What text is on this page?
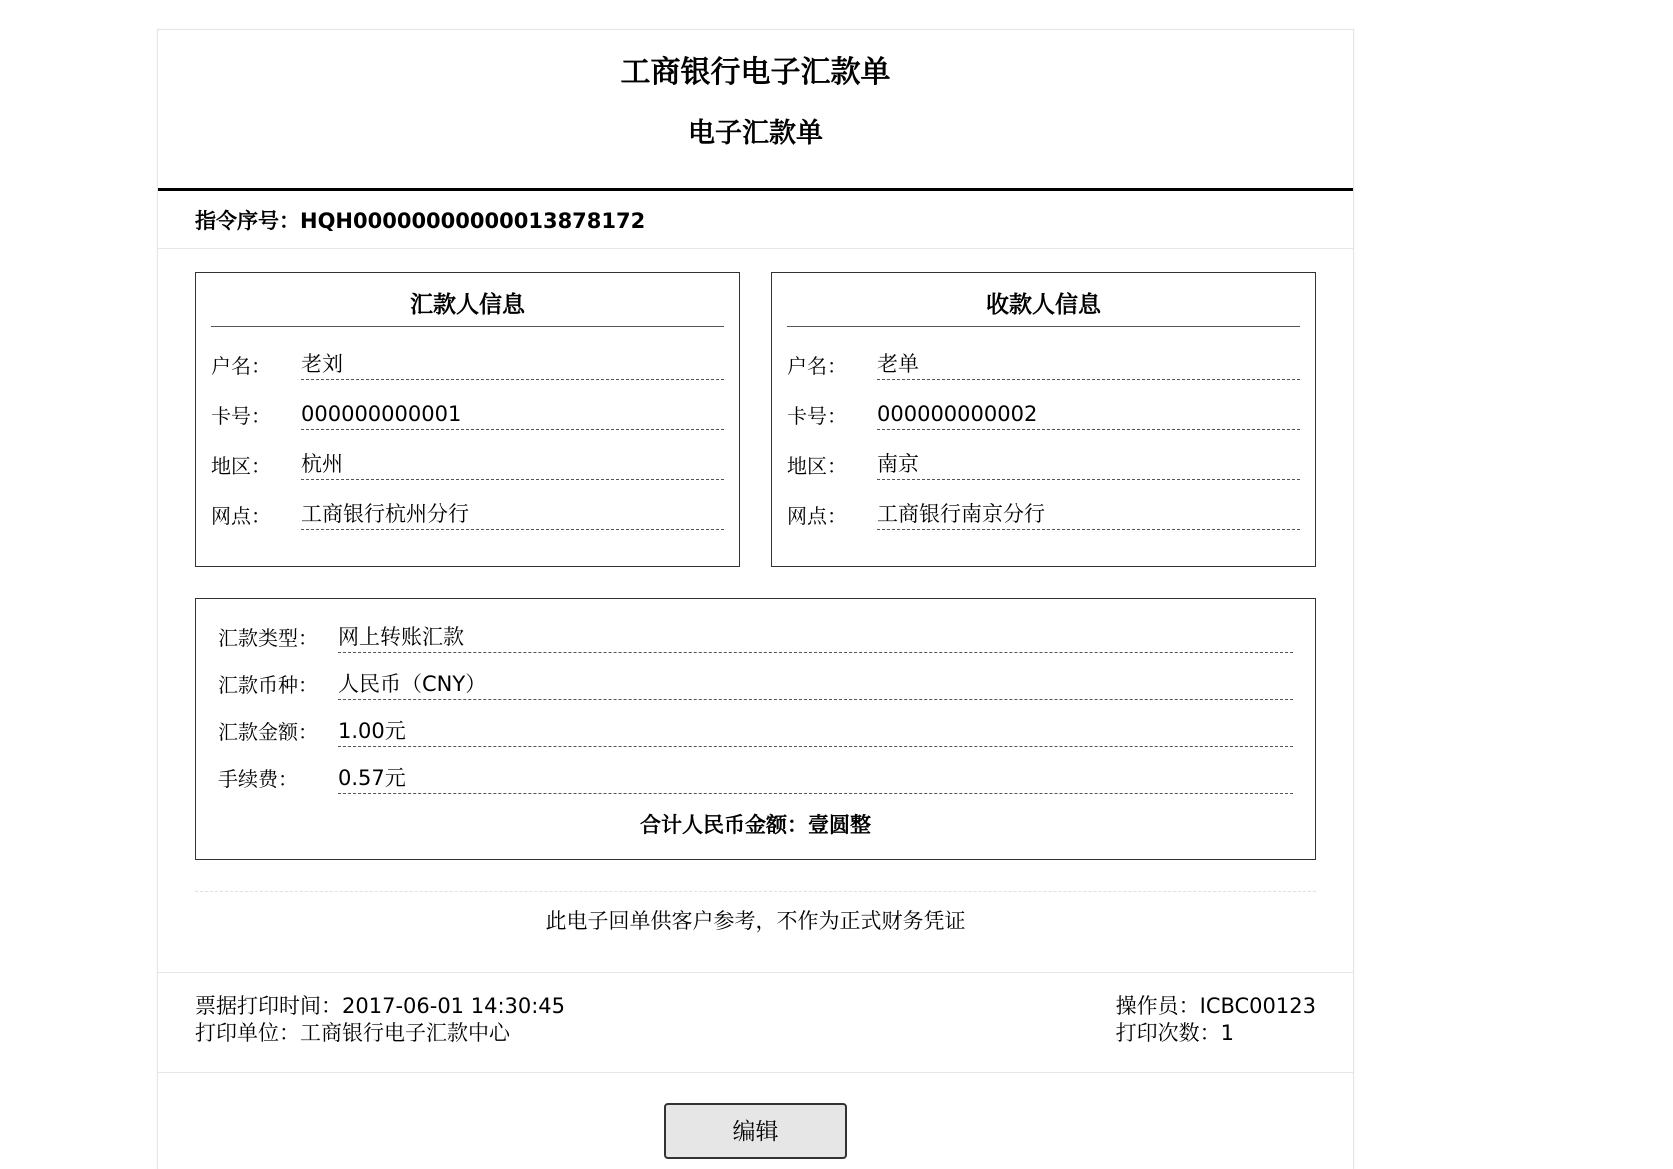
工商银行电子汇款单
电子汇款单
指令序号：HQH00000000000013878172
汇款人信息
户名：	老刘
卡号：	000000000001
地区：	杭州
网点：	工商银行杭州分行
收款人信息
户名：	老单
卡号：	000000000002
地区：	南京
网点：	工商银行南京分行
汇款类型： 网上转账汇款
汇款币种： 人民币（CNY）
汇款金额： 1.00元
手续费：	0.57元
合计人民币金额：壹圆整
此电子回单供客户参考，不作为正式财务凭证
票据打印时间：2017-06-01 14:30:45
打印单位：工商银行电子汇款中心
操作员：ICBC00123
打印次数：1
编辑
